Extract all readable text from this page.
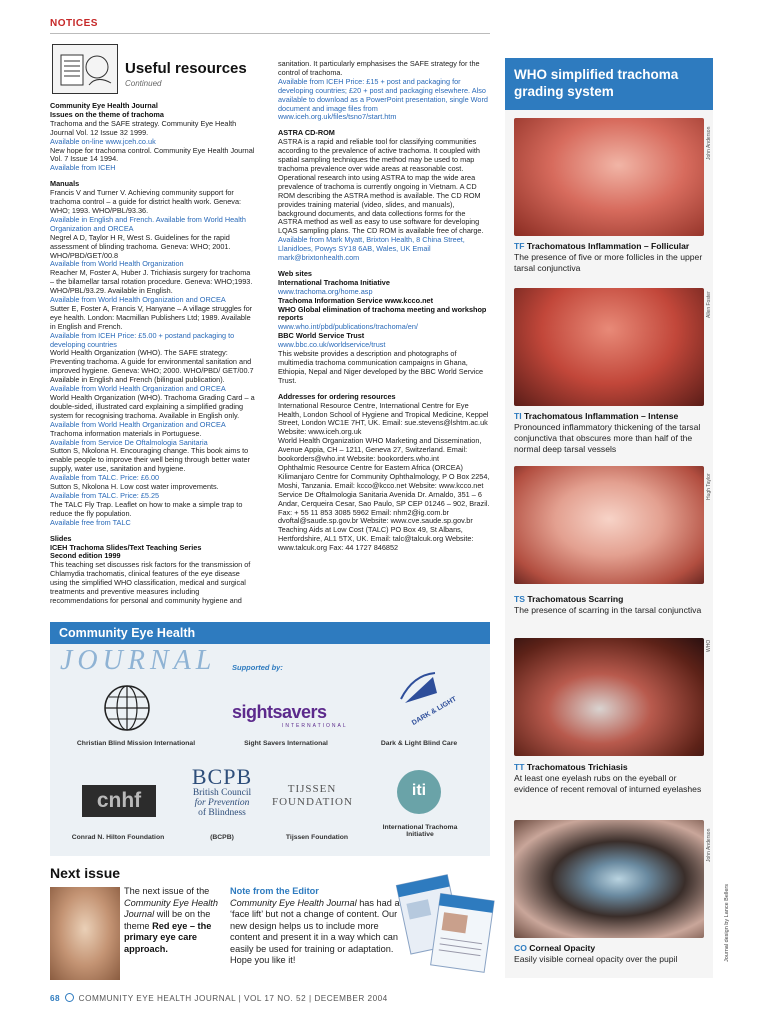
NOTICES
Useful resources
Continued

Community Eye Health Journal

Issues on the theme of trachoma

Trachoma and the SAFE strategy. Community Eye Health Journal Vol. 12 Issue 32 1999.

Available on-line www.jceh.co.uk

New hope for trachoma control. Community Eye Health Journal Vol. 7 Issue 14 1994.

Available from ICEH

Manuals

Francis V and Turner V. Achieving community support for trachoma control – a guide for district health work. Geneva: WHO; 1993. WHO/PBL/93.36.

Available in English and French. Available from World Health Organization and ORCEA

Negrel A D, Taylor H R, West S. Guidelines for the rapid assessment of blinding trachoma. Geneva: WHO; 2001. WHO/PBD/GET/00.8

Available from World Health Organization

Reacher M, Foster A, Huber J. Trichiasis surgery for trachoma – the bilamellar tarsal rotation procedure. Geneva: WHO;1993. WHO/PBL/93.29. Available in English.

Available from World Health Organization and ORCEA

Sutter E, Foster A, Francis V, Hanyane – A village struggles for eye health. London: Macmillan Publishers Ltd; 1989. Available in English and French.

Available from ICEH Price: £5.00 + postand packaging to developing countries

World Health Organization (WHO). The SAFE strategy: Preventing trachoma. A guide for environmental sanitation and improved hygiene. Geneva: WHO; 2000. WHO/PBD/ GET/00.7 Available in English and French (bilingual publication).

Available from World Health Organization and ORCEA

World Health Organization (WHO). Trachoma Grading Card – a double-sided, illustrated card explaining a simplified grading system for recognising trachoma. Available in English only.

Available from World Health Organization and ORCEA

Trachoma information materials in Portuguese.

Available from Service De Oftalmologia Sanitaria

Sutton S, Nkolona H. Encouraging change. This book aims to enable people to improve their well being through better water supply, water use, sanitation and hygiene.

Available from TALC. Price: £6.00

Sutton S, Nkolona H. Low cost water improvements.

Available from TALC. Price: £5.25

The TALC Fly Trap. Leaflet on how to make a simple trap to reduce the fly population.

Available free from TALC

Slides

ICEH Trachoma Slides/Text Teaching Series

Second edition 1999

This teaching set discusses risk factors for the transmission of Chlamydia trachomatis, clinical features of the eye disease using the simplified WHO classification, medical and surgical treatments and preventive measures including recommendations for personal and community hygiene and

sanitation. It particularly emphasises the SAFE strategy for the control of trachoma.

Available from ICEH Price: £15 + post and packaging for developing countries; £20 + post and packaging elsewhere. Also available to download as a PowerPoint presentation, single Word document and image files from www.iceh.org.uk/files/tsno7/start.htm

ASTRA CD-ROM

ASTRA is a rapid and reliable tool for classifying communities according to the prevalence of active trachoma. It coupled with spatial sampling techniques the method may be used to map trachoma prevalence over wide areas at reasonable cost. Operational research into using ASTRA to map the wide area prevalence of trachoma is currently ongoing in Vietnam. A CD ROM describing the ASTRA method is available. The CD ROM provides training material (video, slides, and manuals), background documents, and data collections forms for the ASTRA method as well as easy to use software for developing LQAS sampling plans. The CD ROM is available free of charge.

Available from Mark Myatt, Brixton Health, 8 China Street, Llanidloes, Powys SY18 6AB, Wales, UK Email mark@brixtonhealth.com

Web sites

International Trachoma Initiative

www.trachoma.org/home.asp

Trachoma Information Service www.kcco.net

WHO Global elimination of trachoma meeting and workshop reports

www.who.int/pbd/publications/trachoma/en/

BBC World Service Trust

www.bbc.co.uk/worldservice/trust

This website provides a description and photographs of multimedia trachoma communication campaigns in Ghana, Ethiopia, Nepal and Niger developed by the BBC World Service Trust.

Addresses for ordering resources

International Resource Centre, International Centre for Eye Health, London School of Hygiene and Tropical Medicine, Keppel Street, London WC1E 7HT, UK. Email: sue.stevens@lshtm.ac.uk Website: www.iceh.org.uk

World Health Organization WHO Marketing and Dissemination, Avenue Appia, CH – 1211, Geneva 27, Switzerland. Email: bookorders@who.int Website: bookorders.who.int

Ophthalmic Resource Centre for Eastern Africa (ORCEA) Kilimanjaro Centre for Community Ophthalmology, P O Box 2254, Moshi, Tanzania. Email: kcco@kcco.net Website: www.kcco.net

Service De Oftalmologia Sanitaria Avenida Dr. Arnaldo, 351 – 6 Andar, Cerqueira Cesar, Sao Paulo, SP CEP 01246 – 902, Brazil. Fax: + 55 11 853 3085 5962 Email: nhm2@ig.com.br dvoftal@saude.sp.gov.br Website: www.cve.saude.sp.gov.br

Teaching Aids at Low Cost (TALC) PO Box 49, St Albans, Hertfordshire, AL1 5TX, UK. Email: talc@talcuk.org Website: www.talcuk.org Fax: 44 1727 846852

WHO simplified trachoma grading system
John Anderson
Allen Foster
Hugh Taylor
WHO
John Anderson
TF Trachomatous Inflammation – Follicular
The presence of five or more follicles in the upper tarsal conjunctiva
TI Trachomatous Inflammation – Intense
Pronounced inflammatory thickening of the tarsal conjunctiva that obscures more than half of the normal deep tarsal vessels
TS Trachomatous Scarring
The presence of scarring in the tarsal conjunctiva
TT Trachomatous Trichiasis
At least one eyelash rubs on the eyeball or evidence of recent removal of inturned eyelashes
CO Corneal Opacity
Easily visible corneal opacity over the pupil
Community Eye Health
JOURNAL Supported by:
Christian Blind Mission International
sightsavers
INTERNATIONAL
Sight Savers International
DARK & LIGHT
Dark & Light Blind Care
cnhf
Conrad N. Hilton Foundation
BCPB
British Council
for Prevention
of Blindness
(BCPB)
TIJSSEN
FOUNDATION
Tijssen Foundation
iti
International Trachoma Initiative
Next issue
The next issue of the Community Eye Health Journal will be on the theme Red eye – the primary eye care approach.
Note from the Editor
Community Eye Health Journal has had a ‘face lift’ but not a change of content. Our new design helps us to include more content and present it in a way which can easily be used for training or adaptation. Hope you like it!
68 COMMUNITY EYE HEALTH JOURNAL | VOL 17 NO. 52 | DECEMBER 2004
Journal design by Lance Bellers
